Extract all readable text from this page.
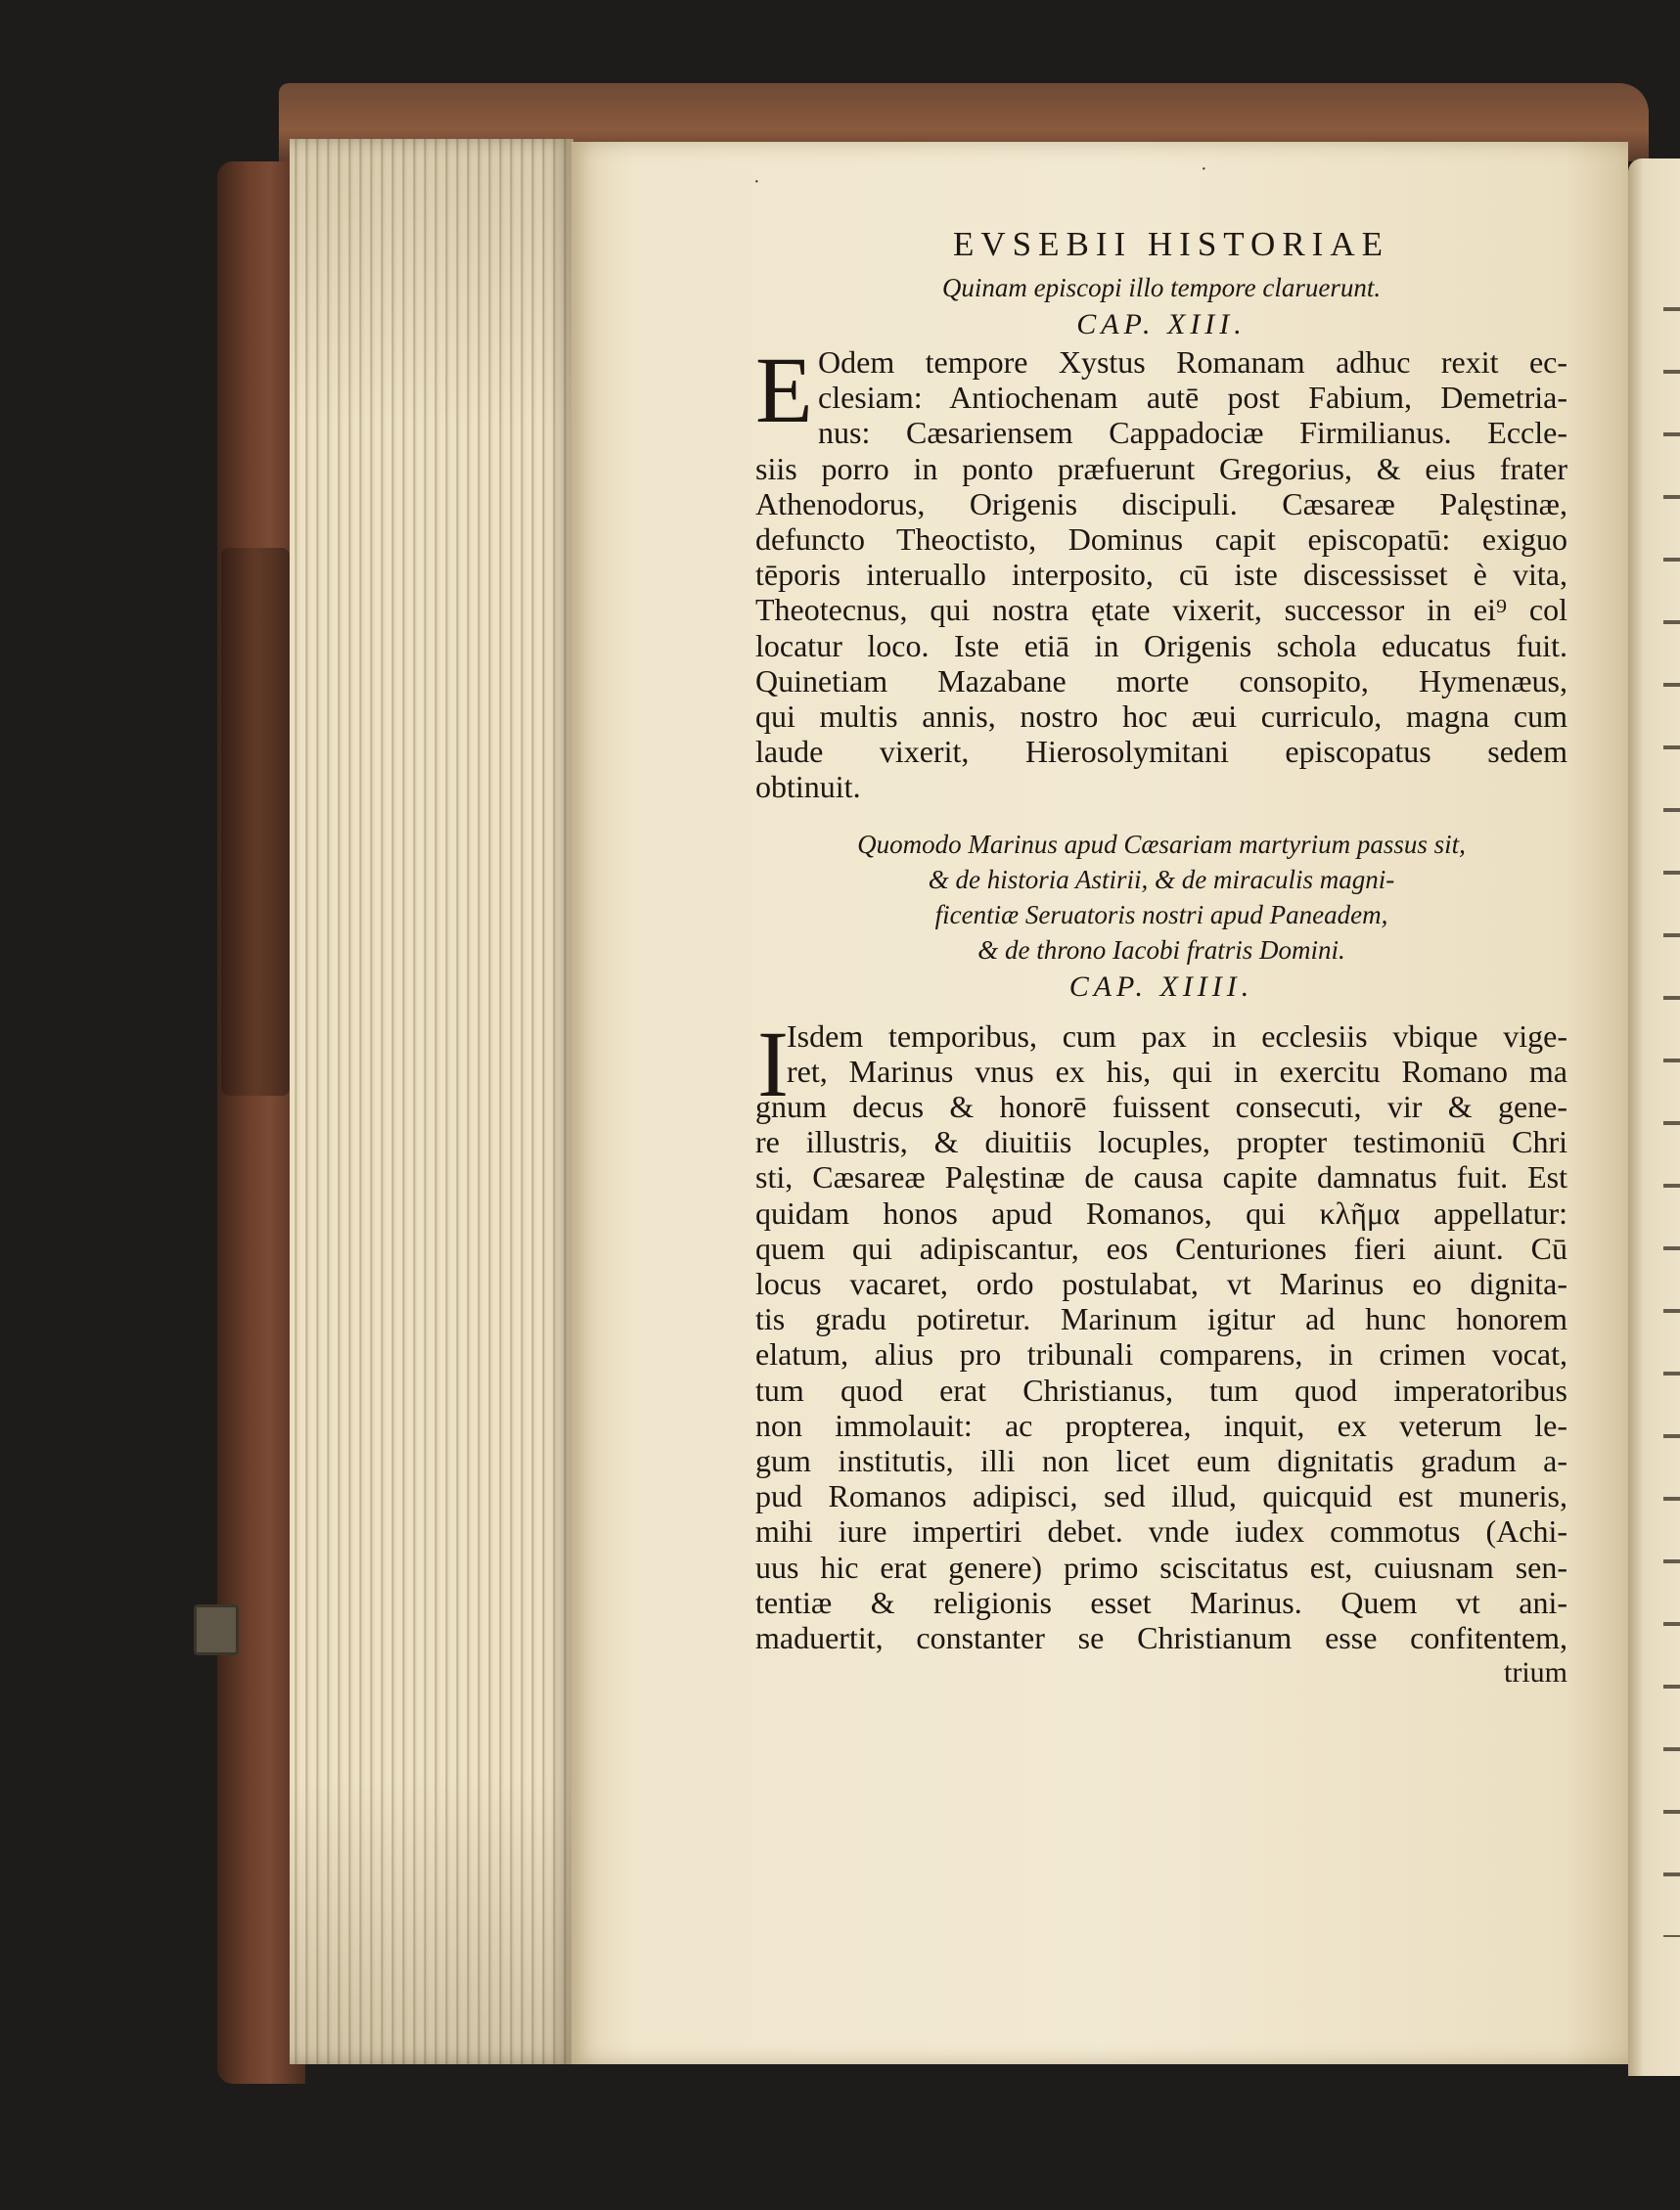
EVSEBII HISTORIAE
Quinam episcopi illo tempore claruerunt.
CAP. XIII.
E Odem tempore Xystus Romanam adhuc rexit ec-
clesiam: Antiochenam autē post Fabium, Demetria-
nus: Cæsariensem Cappadociæ Firmilianus. Eccle-
siis porro in ponto præfuerunt Gregorius, & eius frater
Athenodorus, Origenis discipuli. Cæsareæ Palęstinæ,
defuncto Theoctisto, Dominus capit episcopatū: exiguo
tēporis interuallo interposito, cū iste discessisset è vita,
Theotecnus, qui nostra ętate vixerit, successor in ei⁹ col
locatur loco. Iste etiā in Origenis schola educatus fuit.
Quinetiam Mazabane morte consopito, Hymenæus,
qui multis annis, nostro hoc æui curriculo, magna cum
laude vixerit, Hierosolymitani episcopatus sedem
obtinuit.
Quomodo Marinus apud Cæsariam martyrium passus sit,
& de historia Astirii, & de miraculis magni-
ficentiæ Seruatoris nostri apud Paneadem,
& de throno Iacobi fratris Domini.
CAP. XIIII.
I
Isdem temporibus, cum pax in ecclesiis vbique vige-
ret, Marinus vnus ex his, qui in exercitu Romano ma
gnum decus & honorē fuissent consecuti, vir & gene-
re illustris, & diuitiis locuples, propter testimoniū Chri
sti, Cæsareæ Palęstinæ de causa capite damnatus fuit. Est
quidam honos apud Romanos, qui κλῆμα appellatur:
quem qui adipiscantur, eos Centuriones fieri aiunt. Cū
locus vacaret, ordo postulabat, vt Marinus eo dignita-
tis gradu potiretur. Marinum igitur ad hunc honorem
elatum, alius pro tribunali comparens, in crimen vocat,
tum quod erat Christianus, tum quod imperatoribus
non immolauit: ac propterea, inquit, ex veterum le-
gum institutis, illi non licet eum dignitatis gradum a-
pud Romanos adipisci, sed illud, quicquid est muneris,
mihi iure impertiri debet. vnde iudex commotus (Achi-
uus hic erat genere) primo sciscitatus est, cuiusnam sen-
tentiæ & religionis esset Marinus. Quem vt ani-
maduertit, constanter se Christianum esse confitentem,
trium
·
·
